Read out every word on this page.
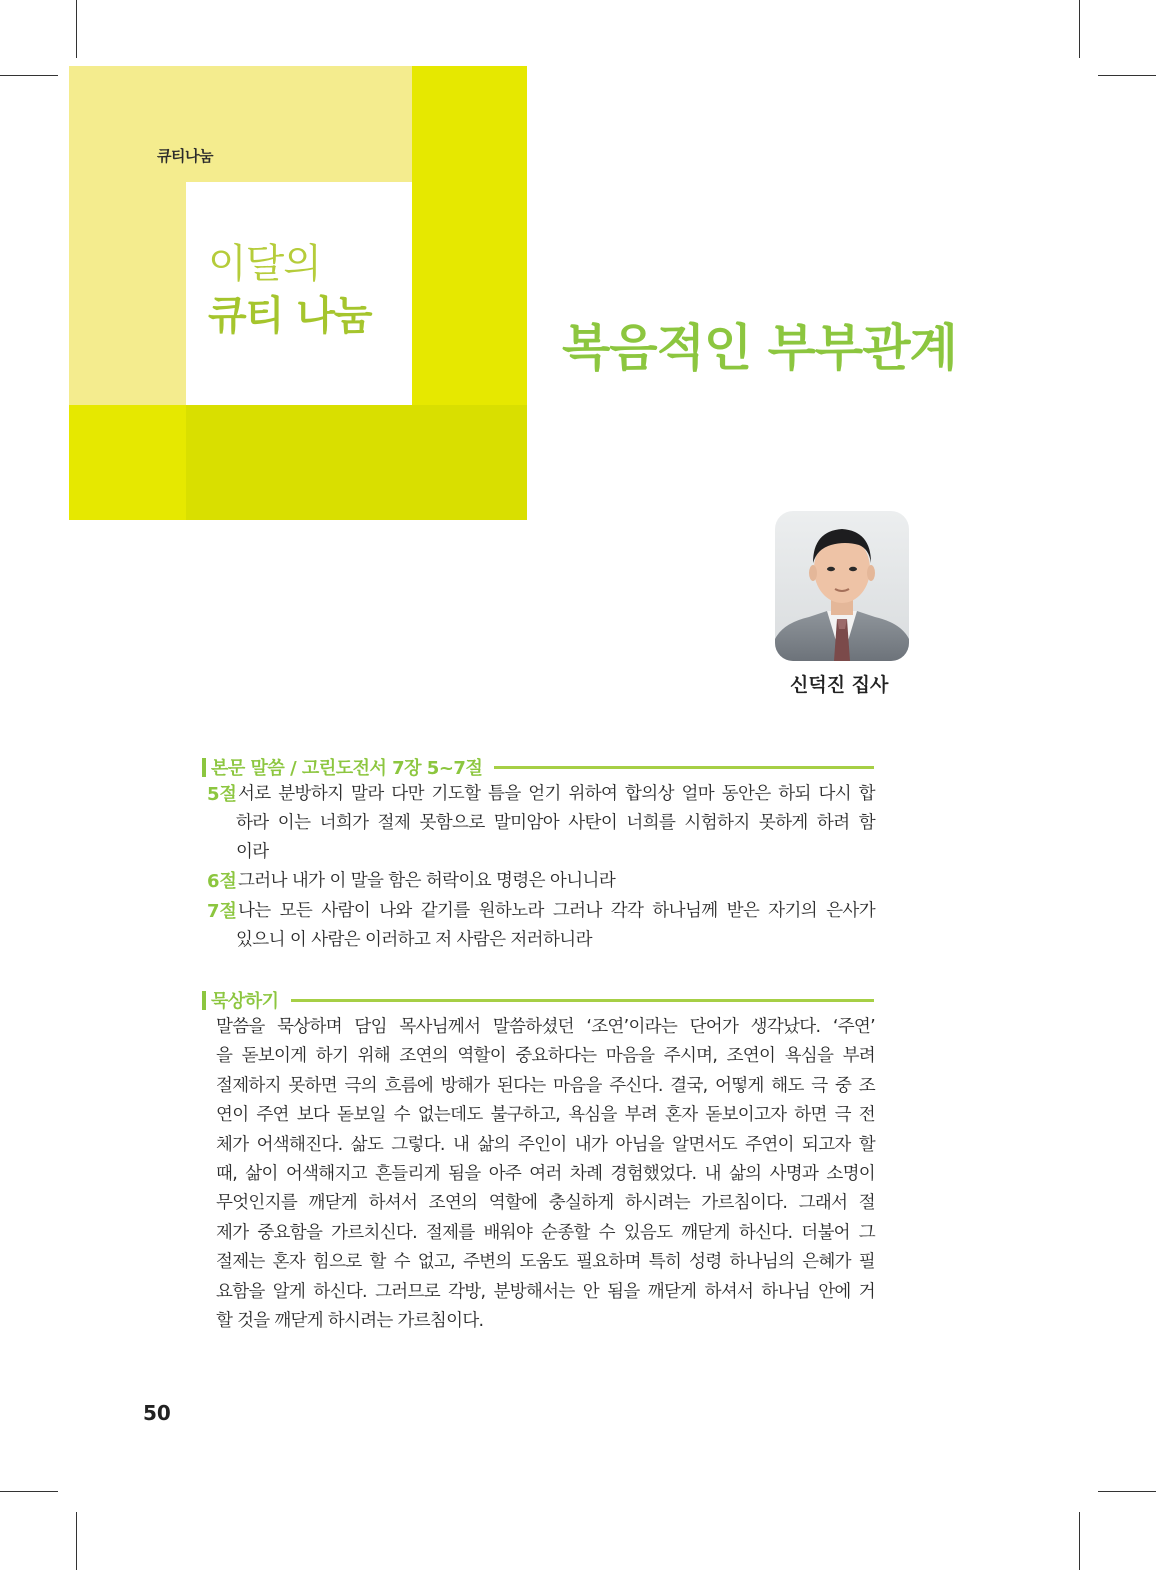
큐티나눔
이달의
큐티 나눔
복음적인 부부관계
신덕진 집사
본문 말씀 / 고린도전서 7장 5~7절
5절 서로 분방하지 말라 다만 기도할 틈을 얻기 위하여 합의상 얼마 동안은 하되 다시 합
하라 이는 너희가 절제 못함으로 말미암아 사탄이 너희를 시험하지 못하게 하려 함
이라
6절 그러나 내가 이 말을 함은 허락이요 명령은 아니니라
7절 나는 모든 사람이 나와 같기를 원하노라 그러나 각각 하나님께 받은 자기의 은사가
있으니 이 사람은 이러하고 저 사람은 저러하니라
묵상하기
말씀을 묵상하며 담임 목사님께서 말씀하셨던 ‘조연’이라는 단어가 생각났다. ‘주연’
을 돋보이게 하기 위해 조연의 역할이 중요하다는 마음을 주시며, 조연이 욕심을 부려
절제하지 못하면 극의 흐름에 방해가 된다는 마음을 주신다. 결국, 어떻게 해도 극 중 조
연이 주연 보다 돋보일 수 없는데도 불구하고, 욕심을 부려 혼자 돋보이고자 하면 극 전
체가 어색해진다. 삶도 그렇다. 내 삶의 주인이 내가 아님을 알면서도 주연이 되고자 할
때, 삶이 어색해지고 흔들리게 됨을 아주 여러 차례 경험했었다. 내 삶의 사명과 소명이
무엇인지를 깨닫게 하셔서 조연의 역할에 충실하게 하시려는 가르침이다. 그래서 절
제가 중요함을 가르치신다. 절제를 배워야 순종할 수 있음도 깨닫게 하신다. 더불어 그
절제는 혼자 힘으로 할 수 없고, 주변의 도움도 필요하며 특히 성령 하나님의 은혜가 필
요함을 알게 하신다. 그러므로 각방, 분방해서는 안 됨을 깨닫게 하셔서 하나님 안에 거
할 것을 깨닫게 하시려는 가르침이다.
50
